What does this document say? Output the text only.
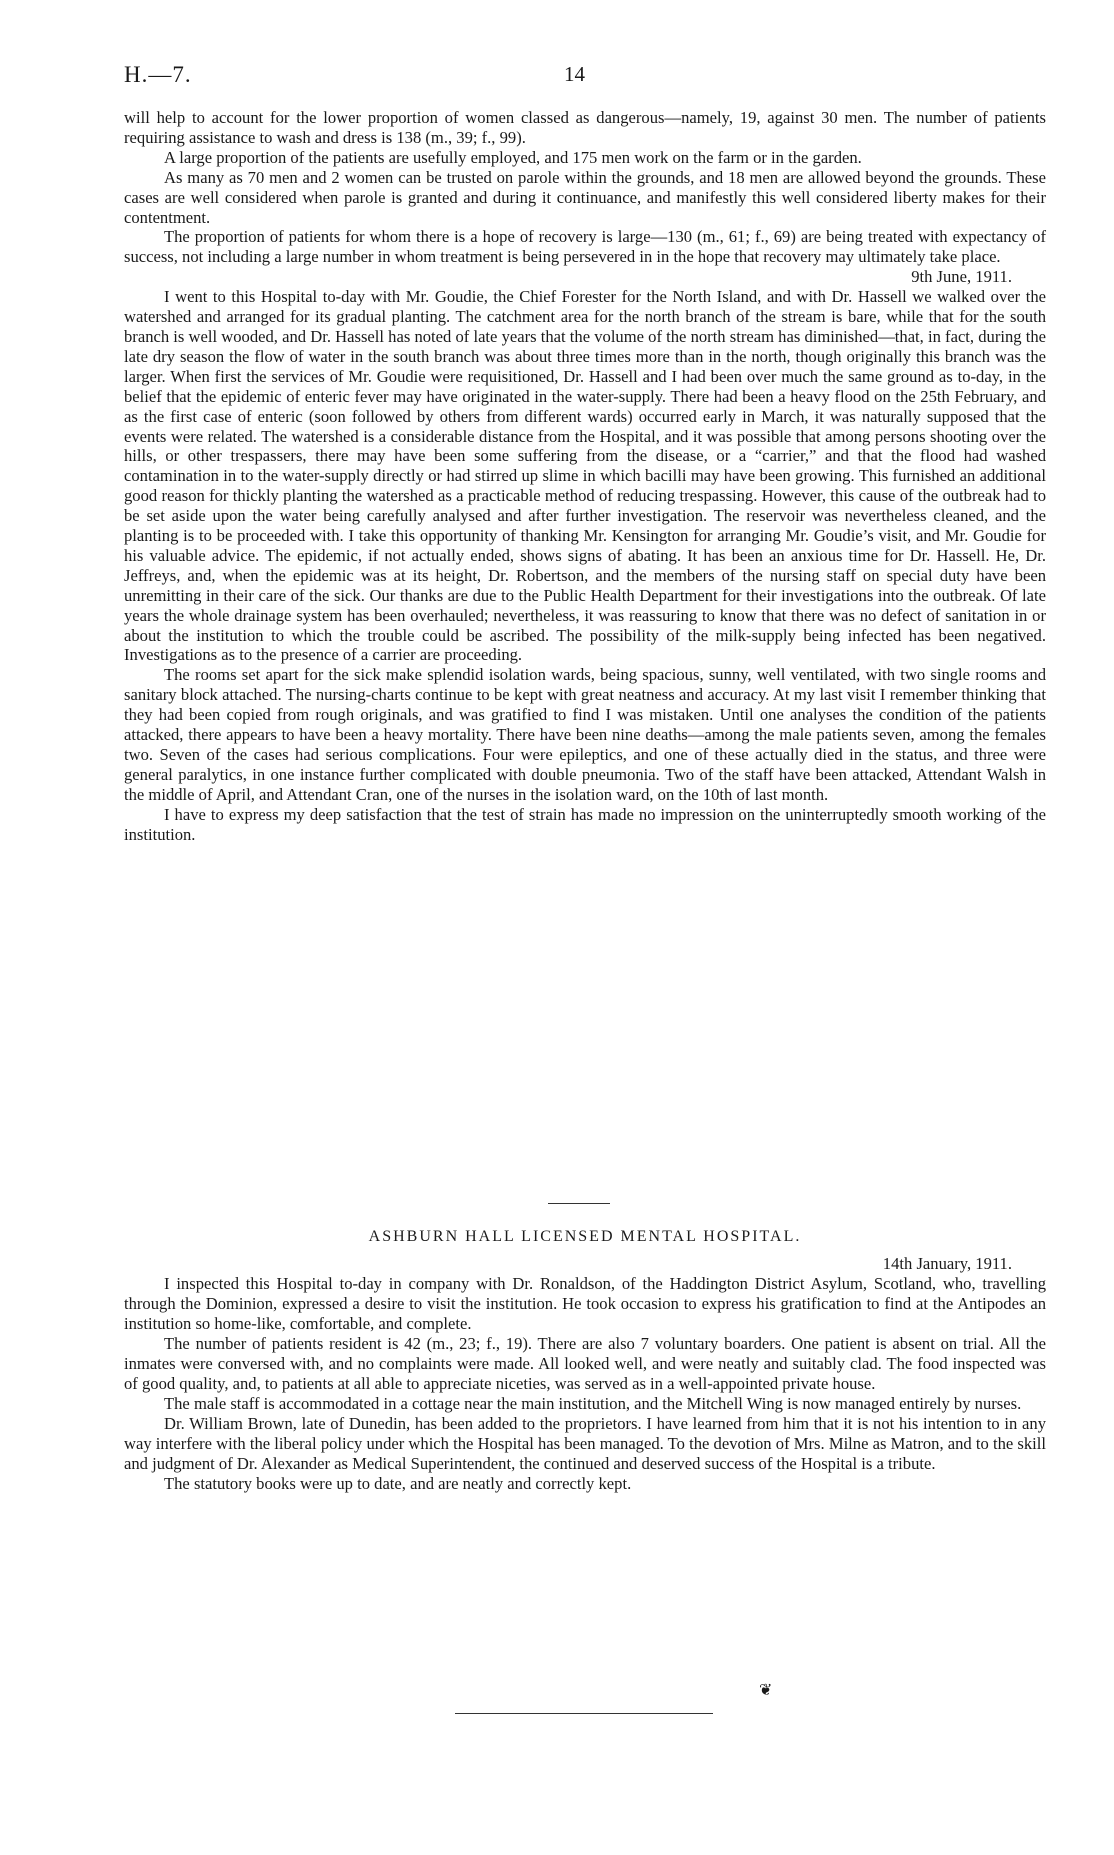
H.—7.	14

will help to account for the lower proportion of women classed as dangerous—namely, 19, against 30 men. The number of patients requiring assistance to wash and dress is 138 (m., 39; f., 99).

A large proportion of the patients are usefully employed, and 175 men work on the farm or in the garden.

As many as 70 men and 2 women can be trusted on parole within the grounds, and 18 men are allowed beyond the grounds. These cases are well considered when parole is granted and during it continuance, and manifestly this well considered liberty makes for their contentment.

The proportion of patients for whom there is a hope of recovery is large—130 (m., 61; f., 69) are being treated with expectancy of success, not including a large number in whom treatment is being persevered in in the hope that recovery may ultimately take place.

9th June, 1911.

I went to this Hospital to-day with Mr. Goudie, the Chief Forester for the North Island, and with Dr. Hassell we walked over the watershed and arranged for its gradual planting. The catchment area for the north branch of the stream is bare, while that for the south branch is well wooded, and Dr. Hassell has noted of late years that the volume of the north stream has diminished—that, in fact, during the late dry season the flow of water in the south branch was about three times more than in the north, though originally this branch was the larger. When first the services of Mr. Goudie were requisitioned, Dr. Hassell and I had been over much the same ground as to-day, in the belief that the epidemic of enteric fever may have originated in the water-supply. There had been a heavy flood on the 25th February, and as the first case of enteric (soon followed by others from different wards) occurred early in March, it was naturally supposed that the events were related. The watershed is a considerable distance from the Hospital, and it was possible that among persons shooting over the hills, or other trespassers, there may have been some suffering from the disease, or a “carrier,” and that the flood had washed contamination in to the water-supply directly or had stirred up slime in which bacilli may have been growing. This furnished an additional good reason for thickly planting the watershed as a practicable method of reducing trespassing. However, this cause of the outbreak had to be set aside upon the water being carefully analysed and after further investigation. The reservoir was nevertheless cleaned, and the planting is to be proceeded with. I take this opportunity of thanking Mr. Kensington for arranging Mr. Goudie’s visit, and Mr. Goudie for his valuable advice. The epidemic, if not actually ended, shows signs of abating. It has been an anxious time for Dr. Hassell. He, Dr. Jeffreys, and, when the epidemic was at its height, Dr. Robertson, and the members of the nursing staff on special duty have been unremitting in their care of the sick. Our thanks are due to the Public Health Department for their investigations into the outbreak. Of late years the whole drainage system has been overhauled; nevertheless, it was reassuring to know that there was no defect of sanitation in or about the institution to which the trouble could be ascribed. The possibility of the milk-supply being infected has been negatived. Investigations as to the presence of a carrier are proceeding.

The rooms set apart for the sick make splendid isolation wards, being spacious, sunny, well ventilated, with two single rooms and sanitary block attached. The nursing-charts continue to be kept with great neatness and accuracy. At my last visit I remember thinking that they had been copied from rough originals, and was gratified to find I was mistaken. Until one analyses the condition of the patients attacked, there appears to have been a heavy mortality. There have been nine deaths—among the male patients seven, among the females two. Seven of the cases had serious complications. Four were epileptics, and one of these actually died in the status, and three were general paralytics, in one instance further complicated with double pneumonia. Two of the staff have been attacked, Attendant Walsh in the middle of April, and Attendant Cran, one of the nurses in the isolation ward, on the 10th of last month.

I have to express my deep satisfaction that the test of strain has made no impression on the uninterruptedly smooth working of the institution.

ASHBURN HALL LICENSED MENTAL HOSPITAL.
14th January, 1911.

I inspected this Hospital to-day in company with Dr. Ronaldson, of the Haddington District Asylum, Scotland, who, travelling through the Dominion, expressed a desire to visit the institution. He took occasion to express his gratification to find at the Antipodes an institution so home-like, comfortable, and complete.

The number of patients resident is 42 (m., 23; f., 19). There are also 7 voluntary boarders. One patient is absent on trial. All the inmates were conversed with, and no complaints were made. All looked well, and were neatly and suitably clad. The food inspected was of good quality, and, to patients at all able to appreciate niceties, was served as in a well-appointed private house.

The male staff is accommodated in a cottage near the main institution, and the Mitchell Wing is now managed entirely by nurses.

Dr. William Brown, late of Dunedin, has been added to the proprietors. I have learned from him that it is not his intention to in any way interfere with the liberal policy under which the Hospital has been managed. To the devotion of Mrs. Milne as Matron, and to the skill and judgment of Dr. Alexander as Medical Superintendent, the continued and deserved success of the Hospital is a tribute.

The statutory books were up to date, and are neatly and correctly kept.

❦
